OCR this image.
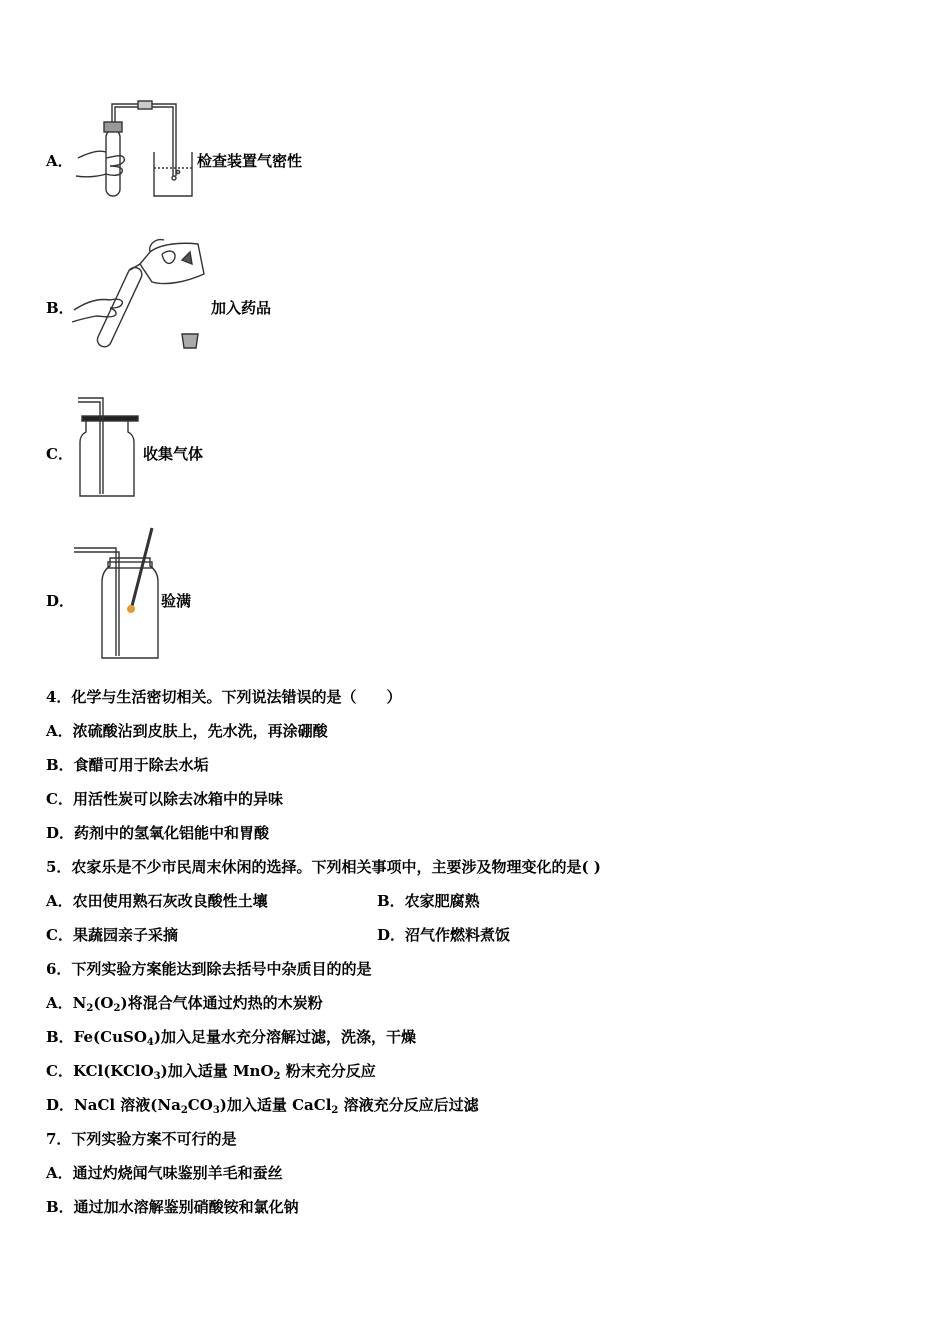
A．	检查装置气密性
B．	加入药品
C．	收集气体
D．	验满
4．化学与生活密切相关。下列说法错误的是（　　）
A．浓硫酸沾到皮肤上，先水洗，再涂硼酸
B．食醋可用于除去水垢
C．用活性炭可以除去冰箱中的异味
D．药剂中的氢氧化铝能中和胃酸
5．农家乐是不少市民周末休闲的选择。下列相关事项中，主要涉及物理变化的是( )
A．农田使用熟石灰改良酸性土壤	B．农家肥腐熟
C．果蔬园亲子采摘	D．沼气作燃料煮饭
6．下列实验方案能达到除去括号中杂质目的的是
A．$N_2(O_2)$将混合气体通过灼热的木炭粉
B．Fe(CuSO$_4$)加入足量水充分溶解过滤，洗涤，干燥
C．KCl(KClO$_3$)加入适量 MnO$_2$ 粉末充分反应
D．NaCl 溶液$(Na_2CO_3)$加入适量 CaCl$_2$ 溶液充分反应后过滤
7．下列实验方案不可行的是
A．通过灼烧闻气味鉴别羊毛和蚕丝
B．通过加水溶解鉴别硝酸铵和氯化钠
